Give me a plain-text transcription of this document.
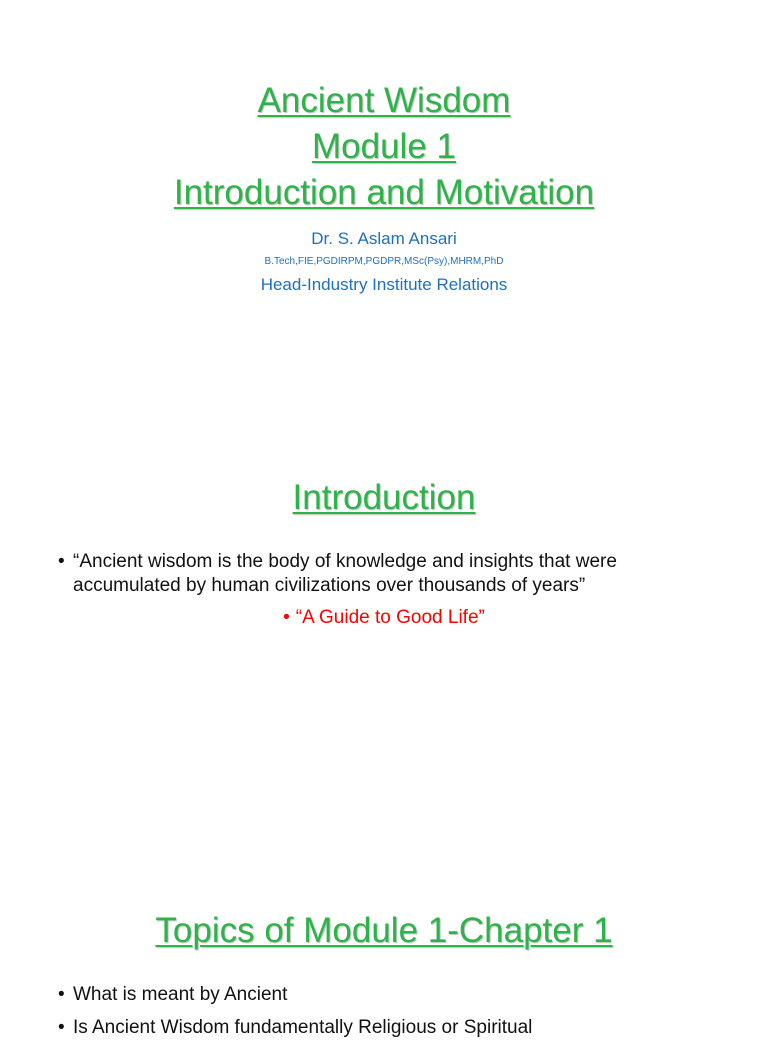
Ancient Wisdom
Module 1
Introduction and Motivation

Dr. S. Aslam Ansari

B.Tech,FIE,PGDIRPM,PGDPR,MSc(Psy),MHRM,PhD

Head-Industry Institute Relations

Introduction
• “Ancient wisdom is the body of knowledge and insights that were
accumulated by human civilizations over thousands of years”
• “A Guide to Good Life”
Topics of Module 1-Chapter 1
• What is meant by Ancient
• Is Ancient Wisdom fundamentally Religious or Spiritual
